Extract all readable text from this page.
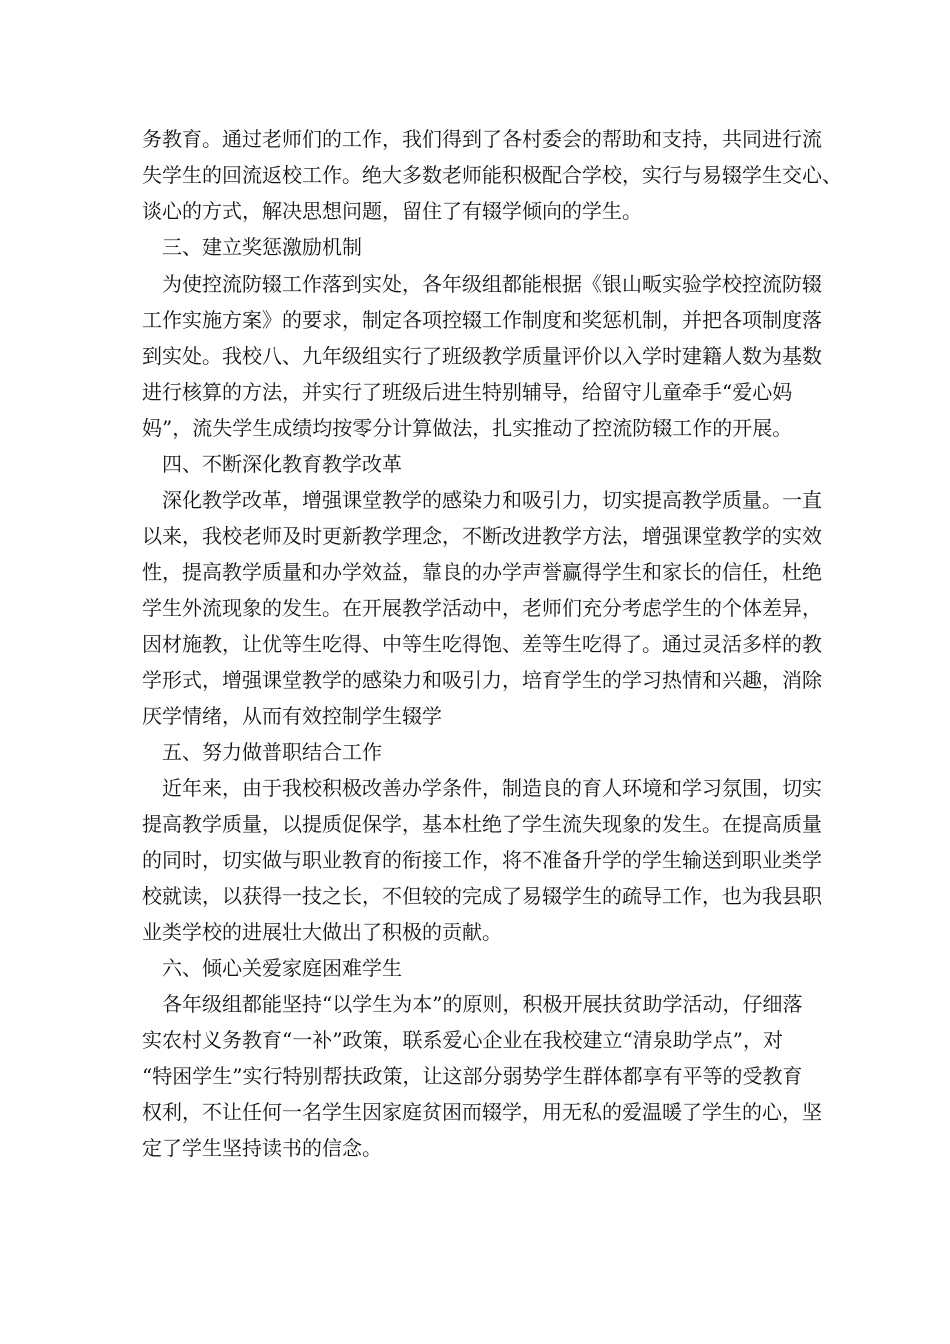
务教育。通过老师们的工作，我们得到了各村委会的帮助和支持，共同进行流
失学生的回流返校工作。绝大多数老师能积极配合学校，实行与易辍学生交心、
谈心的方式，解决思想问题，留住了有辍学倾向的学生。
三、建立奖惩激励机制
为使控流防辍工作落到实处，各年级组都能根据《银山畈实验学校控流防辍
工作实施方案》的要求，制定各项控辍工作制度和奖惩机制，并把各项制度落
到实处。我校八、九年级组实行了班级教学质量评价以入学时建籍人数为基数
进行核算的方法，并实行了班级后进生特别辅导，给留守儿童牵手“爱心妈
妈”，流失学生成绩均按零分计算做法，扎实推动了控流防辍工作的开展。
四、不断深化教育教学改革
深化教学改革，增强课堂教学的感染力和吸引力，切实提高教学质量。一直
以来，我校老师及时更新教学理念，不断改进教学方法，增强课堂教学的实效
性，提高教学质量和办学效益，靠良的办学声誉赢得学生和家长的信任，杜绝
学生外流现象的发生。在开展教学活动中，老师们充分考虑学生的个体差异，
因材施教，让优等生吃得、中等生吃得饱、差等生吃得了。通过灵活多样的教
学形式，增强课堂教学的感染力和吸引力，培育学生的学习热情和兴趣，消除
厌学情绪，从而有效控制学生辍学
五、努力做普职结合工作
近年来，由于我校积极改善办学条件，制造良的育人环境和学习氛围，切实
提高教学质量，以提质促保学，基本杜绝了学生流失现象的发生。在提高质量
的同时，切实做与职业教育的衔接工作，将不准备升学的学生输送到职业类学
校就读，以获得一技之长，不但较的完成了易辍学生的疏导工作，也为我县职
业类学校的进展壮大做出了积极的贡献。
六、倾心关爱家庭困难学生
各年级组都能坚持“以学生为本”的原则，积极开展扶贫助学活动，仔细落
实农村义务教育“一补”政策，联系爱心企业在我校建立“清泉助学点”，对
“特困学生”实行特别帮扶政策，让这部分弱势学生群体都享有平等的受教育
权利，不让任何一名学生因家庭贫困而辍学，用无私的爱温暖了学生的心，坚
定了学生坚持读书的信念。
